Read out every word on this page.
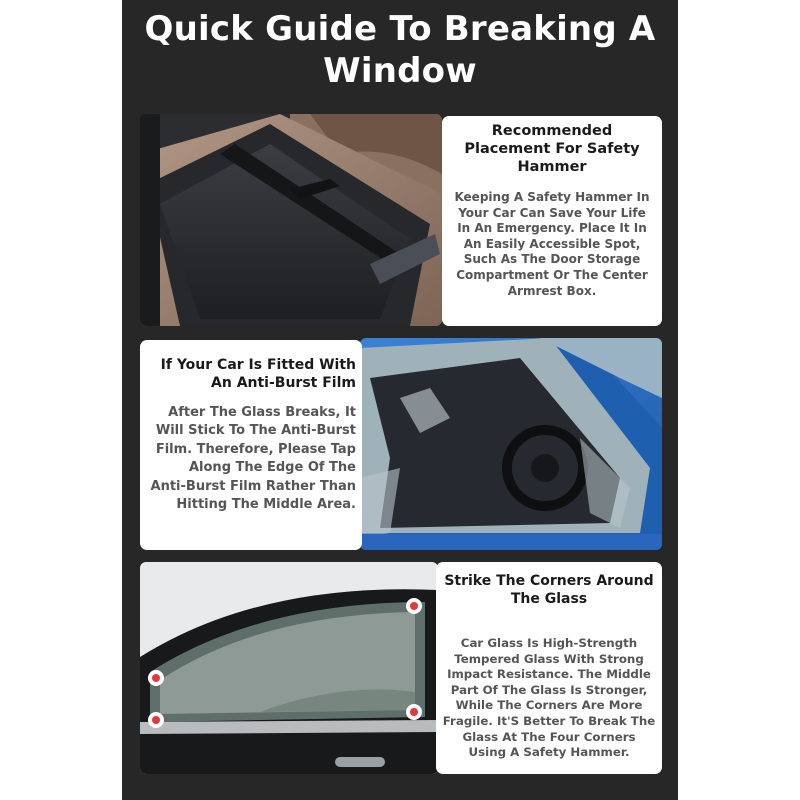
Quick Guide To Breaking A Window
Recommended Placement For Safety Hammer

Keeping A Safety Hammer In Your Car Can Save Your Life In An Emergency. Place It In An Easily Accessible Spot, Such As The Door Storage Compartment Or The Center Armrest Box.

If Your Car Is Fitted With An Anti-Burst Film

After The Glass Breaks, It Will Stick To The Anti-Burst Film. Therefore, Please Tap Along The Edge Of The Anti-Burst Film Rather Than Hitting The Middle Area.

Strike The Corners Around The Glass

Car Glass Is High-Strength Tempered Glass With Strong Impact Resistance. The Middle Part Of The Glass Is Stronger, While The Corners Are More Fragile. It'S Better To Break The Glass At The Four Corners Using A Safety Hammer.
